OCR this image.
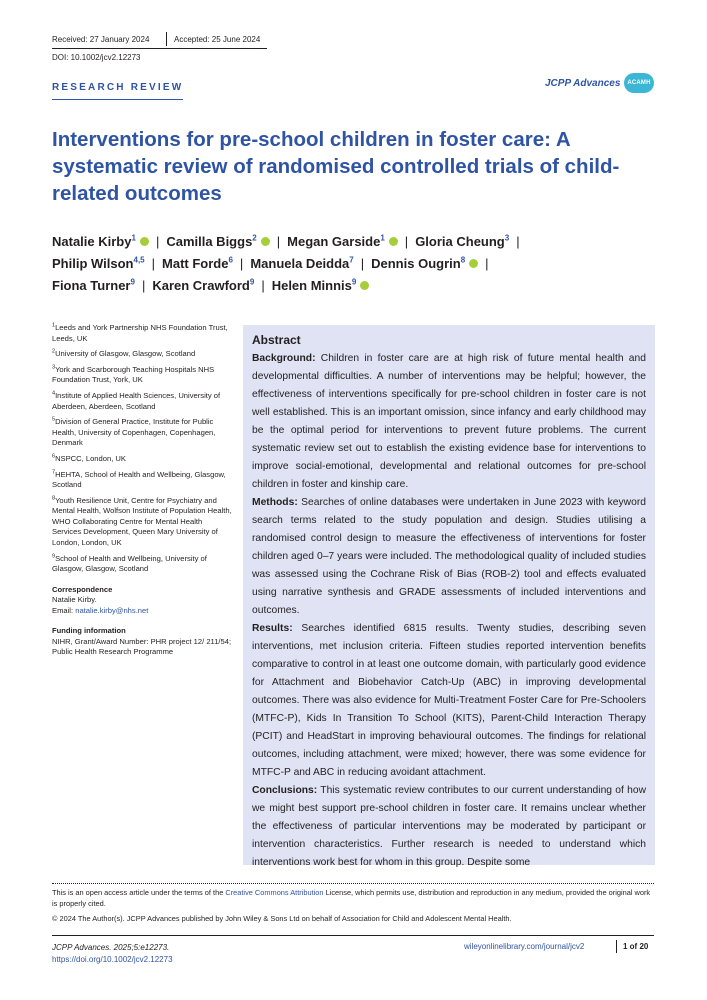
Received: 27 January 2024	Accepted: 25 June 2024
DOI: 10.1002/jcv2.12273
RESEARCH REVIEW	JCPP Advances	ACAMH
Interventions for pre-school children in foster care: A systematic review of randomised controlled trials of child-related outcomes
Natalie Kirby$^1$ | Camilla Biggs$^2$ | Megan Garside$^1$ | Gloria Cheung$^3$ |
Philip Wilson$^{4,5}$ | Matt Forde$^6$ | Manuela Deidda$^7$ | Dennis Ougrin$^8$ |
Fiona Turner$^9$ | Karen Crawford$^9$ | Helen Minnis$^9$

$^1$Leeds and York Partnership NHS Foundation Trust, Leeds, UK

$^2$University of Glasgow, Glasgow, Scotland

$^3$York and Scarborough Teaching Hospitals NHS Foundation Trust, York, UK

$^4$Institute of Applied Health Sciences, University of Aberdeen, Aberdeen, Scotland

$^5$Division of General Practice, Institute for Public Health, University of Copenhagen, Copenhagen, Denmark

$^6$NSPCC, London, UK

$^7$HEHTA, School of Health and Wellbeing, Glasgow, Scotland

$^8$Youth Resilience Unit, Centre for Psychiatry and Mental Health, Wolfson Institute of Population Health, WHO Collaborating Centre for Mental Health Services Development, Queen Mary University of London, London, UK

$^9$School of Health and Wellbeing, University of Glasgow, Glasgow, Scotland

Correspondence
Natalie Kirby.
Email: natalie.kirby@nhs.net

Funding information
NIHR, Grant/Award Number: PHR project 12/ 211/54; Public Health Research Programme

Abstract

Background: Children in foster care are at high risk of future mental health and developmental difficulties. A number of interventions may be helpful; however, the effectiveness of interventions specifically for pre-school children in foster care is not well established. This is an important omission, since infancy and early childhood may be the optimal period for interventions to prevent future problems. The current systematic review set out to establish the existing evidence base for interventions to improve social-emotional, developmental and relational outcomes for pre-school children in foster and kinship care.

Methods: Searches of online databases were undertaken in June 2023 with keyword search terms related to the study population and design. Studies utilising a randomised control design to measure the effectiveness of interventions for foster children aged 0–7 years were included. The methodological quality of included studies was assessed using the Cochrane Risk of Bias (ROB-2) tool and effects evaluated using narrative synthesis and GRADE assessments of included interventions and outcomes.

Results: Searches identified 6815 results. Twenty studies, describing seven interventions, met inclusion criteria. Fifteen studies reported intervention benefits comparative to control in at least one outcome domain, with particularly good evidence for Attachment and Biobehavior Catch-Up (ABC) in improving developmental outcomes. There was also evidence for Multi-Treatment Foster Care for Pre-Schoolers (MTFC-P), Kids In Transition To School (KITS), Parent-Child Interaction Therapy (PCIT) and HeadStart in improving behavioural outcomes. The findings for relational outcomes, including attachment, were mixed; however, there was some evidence for MTFC-P and ABC in reducing avoidant attachment.

Conclusions: This systematic review contributes to our current understanding of how we might best support pre-school children in foster care. It remains unclear whether the effectiveness of particular interventions may be moderated by participant or intervention characteristics. Further research is needed to understand which interventions work best for whom in this group. Despite some

This is an open access article under the terms of the Creative Commons Attribution License, which permits use, distribution and reproduction in any medium, provided the original work is properly cited.
© 2024 The Author(s). JCPP Advances published by John Wiley & Sons Ltd on behalf of Association for Child and Adolescent Mental Health.
JCPP Advances. 2025;5:e12273.
https://doi.org/10.1002/jcv2.12273
wileyonlinelibrary.com/journal/jcv2	1 of 20
